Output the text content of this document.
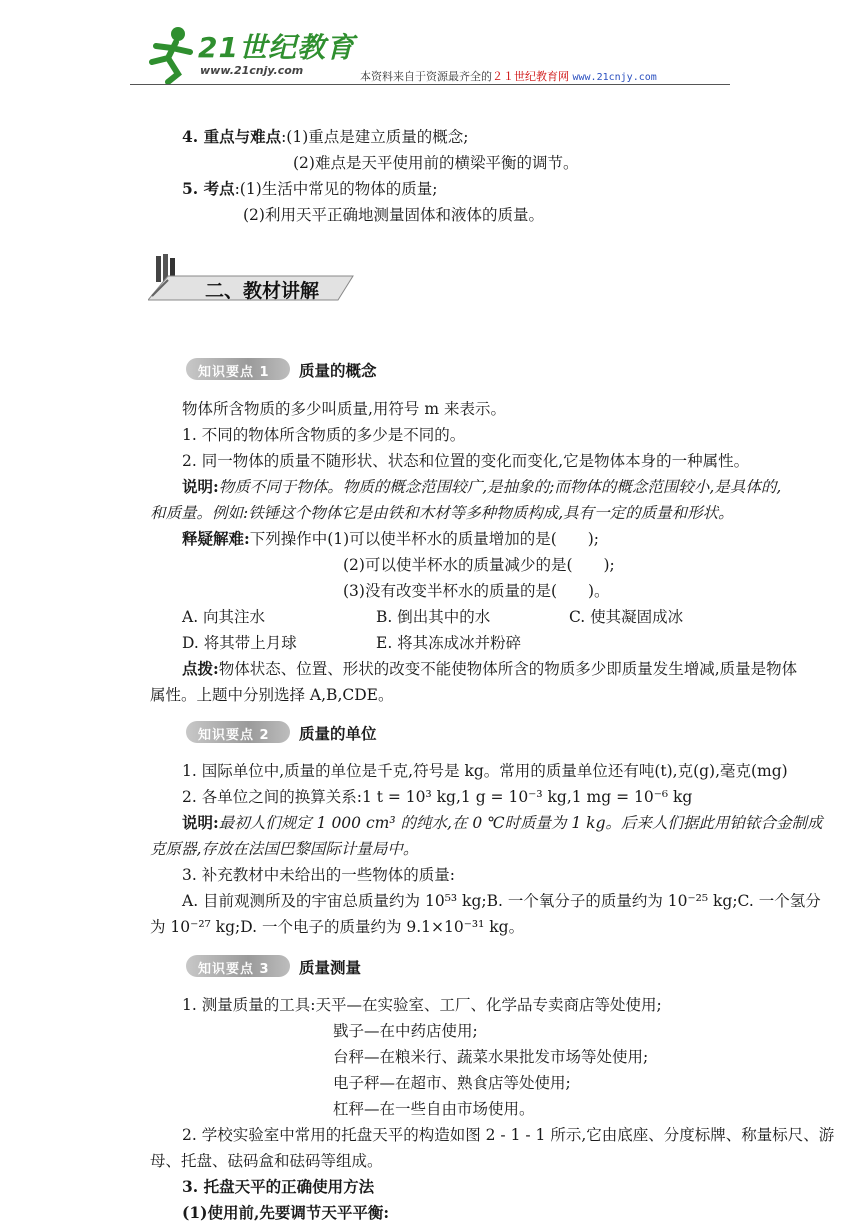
21世纪教育
www.21cnjy.com	本资料来自于资源最齐全的２１世纪教育网 www.21cnjy.com
4. 重点与难点:(1)重点是建立质量的概念;
(2)难点是天平使用前的横梁平衡的调节。
5. 考点:(1)生活中常见的物体的质量;
(2)利用天平正确地测量固体和液体的质量。
二、教材讲解
知识要点 1 质量的概念
物体所含物质的多少叫质量,用符号 m 来表示。
1. 不同的物体所含物质的多少是不同的。
2. 同一物体的质量不随形状、状态和位置的变化而变化,它是物体本身的一种属性。
说明:物质不同于物体。物质的概念范围较广,是抽象的;而物体的概念范围较小,是具体的,
和质量。例如:铁锤这个物体它是由铁和木材等多种物质构成,具有一定的质量和形状。
释疑解难:下列操作中(1)可以使半杯水的质量增加的是(　　);
(2)可以使半杯水的质量减少的是(　　);
(3)没有改变半杯水的质量的是(　　)。
A. 向其注水	B. 倒出其中的水	C. 使其凝固成冰
D. 将其带上月球	E. 将其冻成冰并粉碎
点拨:物体状态、位置、形状的改变不能使物体所含的物质多少即质量发生增减,质量是物体
属性。上题中分别选择 A,B,CDE。
知识要点 2 质量的单位
1. 国际单位中,质量的单位是千克,符号是 kg。常用的质量单位还有吨(t),克(g),毫克(mg)
2. 各单位之间的换算关系:1 t = 10³ kg,1 g = 10⁻³ kg,1 mg = 10⁻⁶ kg
说明:最初人们规定 1 000 cm³ 的纯水,在 0 ℃时质量为 1 kg。后来人们据此用铂铱合金制成
克原器,存放在法国巴黎国际计量局中。
3. 补充教材中未给出的一些物体的质量:
A. 目前观测所及的宇宙总质量约为 10⁵³ kg;B. 一个氧分子的质量约为 10⁻²⁵ kg;C. 一个氢分
为 10⁻²⁷ kg;D. 一个电子的质量约为 9.1×10⁻³¹ kg。
知识要点 3 质量测量
1. 测量质量的工具:天平—在实验室、工厂、化学品专卖商店等处使用;
戥子—在中药店使用;
台秤—在粮米行、蔬菜水果批发市场等处使用;
电子秤—在超市、熟食店等处使用;
杠秤—在一些自由市场使用。
2. 学校实验室中常用的托盘天平的构造如图 2 - 1 - 1 所示,它由底座、分度标牌、称量标尺、游
母、托盘、砝码盒和砝码等组成。
3. 托盘天平的正确使用方法
(1)使用前,先要调节天平平衡:
